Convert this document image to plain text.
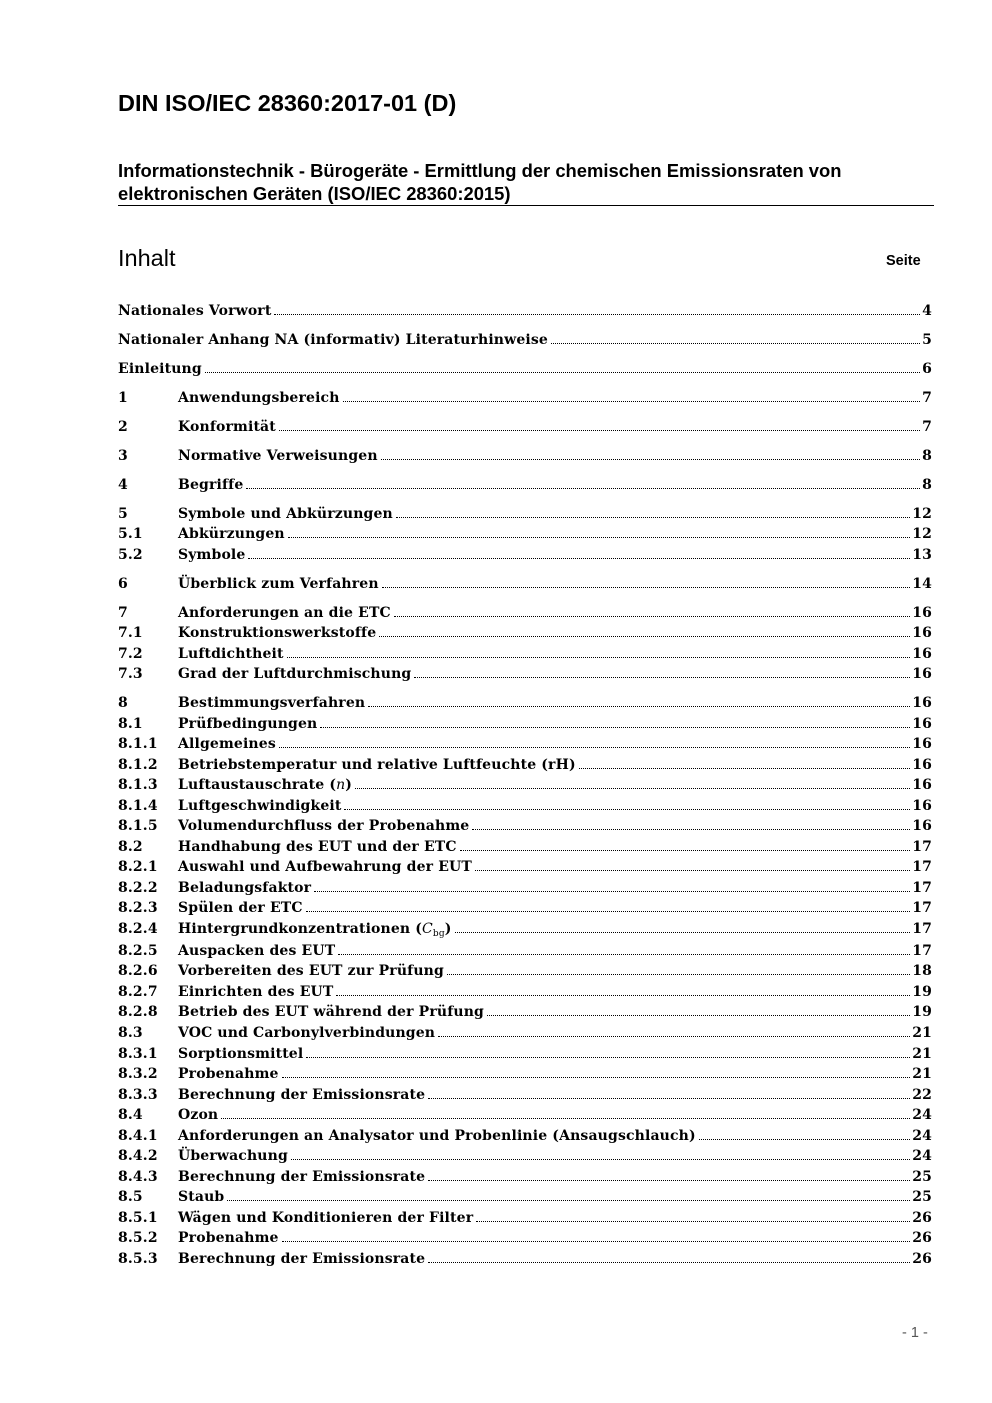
DIN ISO/IEC 28360:2017-01 (D)
Informationstechnik - Bürogeräte - Ermittlung der chemischen Emissionsraten von elektronischen Geräten (ISO/IEC 28360:2015)
Inhalt	Seite
Nationales Vorwort	4
Nationaler Anhang NA (informativ) Literaturhinweise	5
Einleitung	6
1	Anwendungsbereich	7
2	Konformität	7
3	Normative Verweisungen	8
4	Begriffe	8
5	Symbole und Abkürzungen	12
5.1	Abkürzungen	12
5.2	Symbole	13
6	Überblick zum Verfahren	14
7	Anforderungen an die ETC	16
7.1	Konstruktionswerkstoffe	16
7.2	Luftdichtheit	16
7.3	Grad der Luftdurchmischung	16
8	Bestimmungsverfahren	16
8.1	Prüfbedingungen	16
8.1.1	Allgemeines	16
8.1.2	Betriebstemperatur und relative Luftfeuchte (rH)	16
8.1.3	Luftaustauschrate (n)	16
8.1.4	Luftgeschwindigkeit	16
8.1.5	Volumendurchfluss der Probenahme	16
8.2	Handhabung des EUT und der ETC	17
8.2.1	Auswahl und Aufbewahrung der EUT	17
8.2.2	Beladungsfaktor	17
8.2.3	Spülen der ETC	17
8.2.4	Hintergrundkonzentrationen $(C_{bg})$	17
8.2.5	Auspacken des EUT	17
8.2.6	Vorbereiten des EUT zur Prüfung	18
8.2.7	Einrichten des EUT	19
8.2.8	Betrieb des EUT während der Prüfung	19
8.3	VOC und Carbonylverbindungen	21
8.3.1	Sorptionsmittel	21
8.3.2	Probenahme	21
8.3.3	Berechnung der Emissionsrate	22
8.4	Ozon	24
8.4.1	Anforderungen an Analysator und Probenlinie (Ansaugschlauch)	24
8.4.2	Überwachung	24
8.4.3	Berechnung der Emissionsrate	25
8.5	Staub	25
8.5.1	Wägen und Konditionieren der Filter	26
8.5.2	Probenahme	26
8.5.3	Berechnung der Emissionsrate	26
- 1 -
